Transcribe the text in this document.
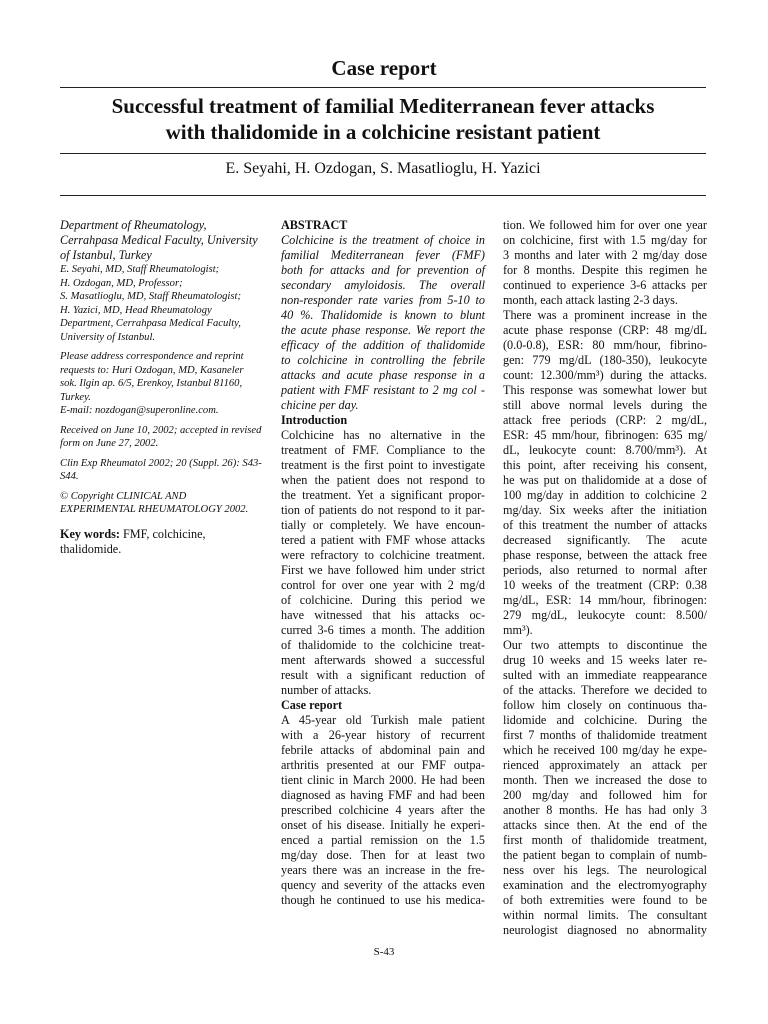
Case report
Successful treatment of familial Mediterranean fever attacks
with thalidomide in a colchicine resistant patient
E. Seyahi, H. Ozdogan, S. Masatlioglu, H. Yazici

Department of Rheumatology, Cerrahpasa Medical Faculty, University of Istanbul, Turkey

E. Seyahi, MD, Staff Rheumatologist;
H. Ozdogan, MD, Professor;
S. Masatlioglu, MD, Staff Rheumatologist;
H. Yazici, MD, Head Rheumatology Department, Cerrahpasa Medical Faculty, University of Istanbul.
Please address correspondence and reprint requests to: Huri Ozdogan, MD, Kasaneler sok. Ilgin ap. 6/5, Erenkoy, Istanbul 81160, Turkey.
E-mail: nozdogan@superonline.com.
Received on June 10, 2002; accepted in revised form on June 27, 2002.
Clin Exp Rheumatol 2002; 20 (Suppl. 26): S43-S44.
© Copyright CLINICAL AND EXPERIMENTAL RHEUMATOLOGY 2002.
Key words: FMF, colchicine, thalidomide.

ABSTRACT

Colchicine is the treatment of choice in
familial Mediterranean fever (FMF)
both for attacks and for prevention of
secondary amyloidosis. The overall
non-responder rate varies from 5-10 to
40 %. Thalidomide is known to blunt
the acute phase response. We report the
efficacy of the addition of thalidomide
to colchicine in controlling the febrile
attacks and acute phase response in a
patient with FMF resistant to 2 mg col -
chicine per day.

Introduction

Colchicine has no alternative in the
treatment of FMF. Compliance to the
treatment is the first point to investigate
when the patient does not respond to
the treatment. Yet a significant propor-
tion of patients do not respond to it par-
tially or completely. We have encoun-
tered a patient with FMF whose attacks
were refractory to colchicine treatment.
First we have followed him under strict
control for over one year with 2 mg/d
of colchicine. During this period we
have witnessed that his attacks oc-
curred 3-6 times a month. The addition
of thalidomide to the colchicine treat-
ment afterwards showed a successful
result with a significant reduction of
number of attacks.

Case report

A 45-year old Turkish male patient
with a 26-year history of recurrent
febrile attacks of abdominal pain and
arthritis presented at our FMF outpa-
tient clinic in March 2000. He had been
diagnosed as having FMF and had been
prescribed colchicine 4 years after the
onset of his disease. Initially he experi-
enced a partial remission on the 1.5
mg/day dose. Then for at least two
years there was an increase in the fre-
quency and severity of the attacks even
though he continued to use his medica-
tion. We followed him for over one year
on colchicine, first with 1.5 mg/day for
3 months and later with 2 mg/day dose
for 8 months. Despite this regimen he
continued to experience 3-6 attacks per
month, each attack lasting 2-3 days.
There was a prominent increase in the
acute phase response (CRP: 48 mg/dL
(0.0-0.8), ESR: 80 mm/hour, fibrino-
gen: 779 mg/dL (180-350), leukocyte
count: 12.300/mm³) during the attacks.
This response was somewhat lower but
still above normal levels during the
attack free periods (CRP: 2 mg/dL,
ESR: 45 mm/hour, fibrinogen: 635 mg/
dL, leukocyte count: 8.700/mm³). At
this point, after receiving his consent,
he was put on thalidomide at a dose of
100 mg/day in addition to colchicine 2
mg/day. Six weeks after the initiation
of this treatment the number of attacks
decreased significantly. The acute
phase response, between the attack free
periods, also returned to normal after
10 weeks of the treatment (CRP: 0.38
mg/dL, ESR: 14 mm/hour, fibrinogen:
279 mg/dL, leukocyte count: 8.500/
mm³).
Our two attempts to discontinue the
drug 10 weeks and 15 weeks later re-
sulted with an immediate reappearance
of the attacks. Therefore we decided to
follow him closely on continuous tha-
lidomide and colchicine. During the
first 7 months of thalidomide treatment
which he received 100 mg/day he expe-
rienced approximately an attack per
month. Then we increased the dose to
200 mg/day and followed him for
another 8 months. He has had only 3
attacks since then. At the end of the
first month of thalidomide treatment,
the patient began to complain of numb-
ness over his legs. The neurological
examination and the electromyography
of both extremities were found to be
within normal limits. The consultant
neurologist diagnosed no abnormality
S-43
